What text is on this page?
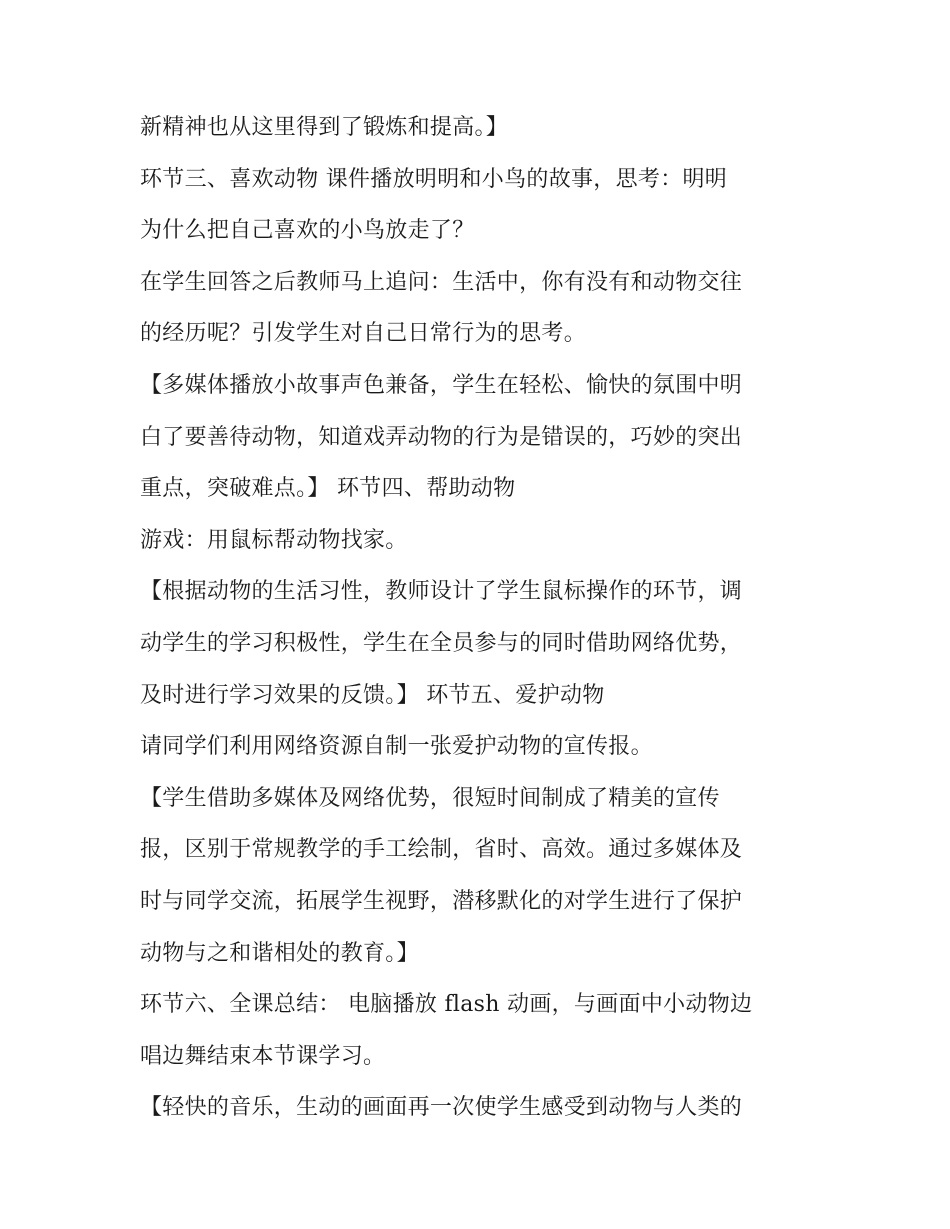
新精神也从这里得到了锻炼和提高。】
环节三、喜欢动物 课件播放明明和小鸟的故事，思考：明明
为什么把自己喜欢的小鸟放走了？
在学生回答之后教师马上追问：生活中，你有没有和动物交往
的经历呢？引发学生对自己日常行为的思考。
【多媒体播放小故事声色兼备，学生在轻松、愉快的氛围中明
白了要善待动物，知道戏弄动物的行为是错误的，巧妙的突出
重点，突破难点。】 环节四、帮助动物
游戏：用鼠标帮动物找家。
【根据动物的生活习性，教师设计了学生鼠标操作的环节，调
动学生的学习积极性，学生在全员参与的同时借助网络优势，
及时进行学习效果的反馈。】 环节五、爱护动物
请同学们利用网络资源自制一张爱护动物的宣传报。
【学生借助多媒体及网络优势，很短时间制成了精美的宣传
报，区别于常规教学的手工绘制，省时、高效。通过多媒体及
时与同学交流，拓展学生视野，潜移默化的对学生进行了保护
动物与之和谐相处的教育。】
环节六、全课总结： 电脑播放 flash 动画，与画面中小动物边
唱边舞结束本节课学习。
【轻快的音乐，生动的画面再一次使学生感受到动物与人类的
